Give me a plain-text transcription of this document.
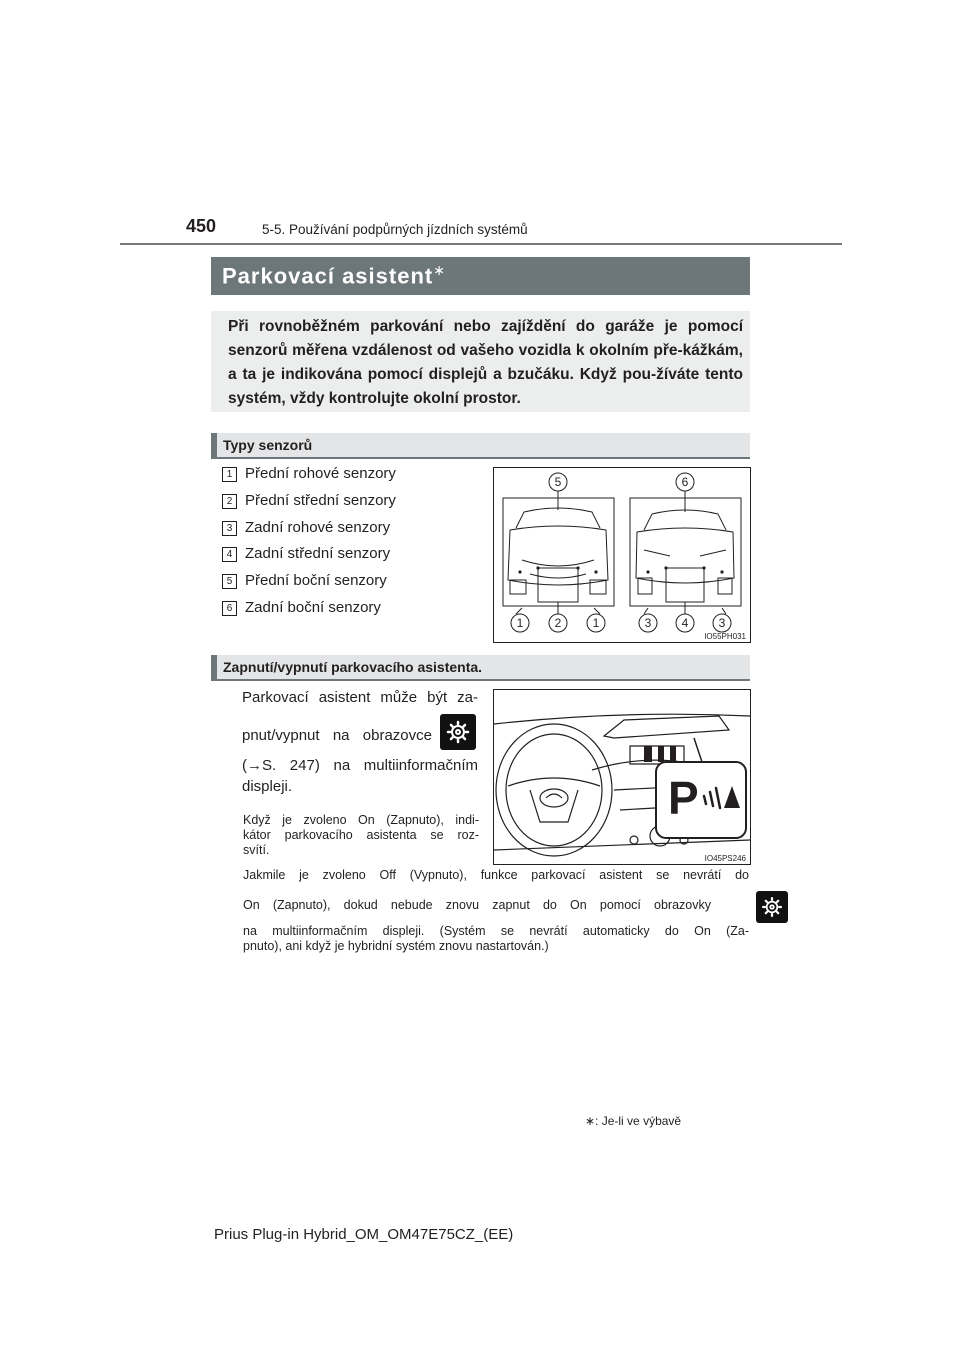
450	5-5. Používání podpůrných jízdních systémů
Parkovací asistent∗
Při rovnoběžném parkování nebo zajíždění do garáže je pomocí senzorů měřena vzdálenost od vašeho vozidla k okolním pře-kážkám, a ta je indikována pomocí displejů a bzučáku. Když pou-žíváte tento systém, vždy kontrolujte okolní prostor.
Typy senzorů
1 Přední rohové senzory
2 Přední střední senzory
3 Zadní rohové senzory
4 Zadní střední senzory
5 Přední boční senzory
6 Zadní boční senzory
5	6
1	2	1	3	4	3
IO55PH031
Zapnutí/vypnutí parkovacího asistenta.
Parkovací asistent může být za-
pnut/vypnut na obrazovce

(→S. 247) na multiinformačním
displeji.
Když je zvoleno On (Zapnuto), indi-
kátor parkovacího asistenta se roz-
svítí.
P
IO45PS246
Jakmile je zvoleno Off (Vypnuto), funkce parkovací asistent se nevrátí do
On (Zapnuto), dokud nebude znovu zapnut do On pomocí obrazovky
na multiinformačním displeji. (Systém se nevrátí automaticky do On (Za-
pnuto), ani když je hybridní systém znovu nastartován.)
∗: Je-li ve výbavě
Prius Plug-in Hybrid_OM_OM47E75CZ_(EE)
